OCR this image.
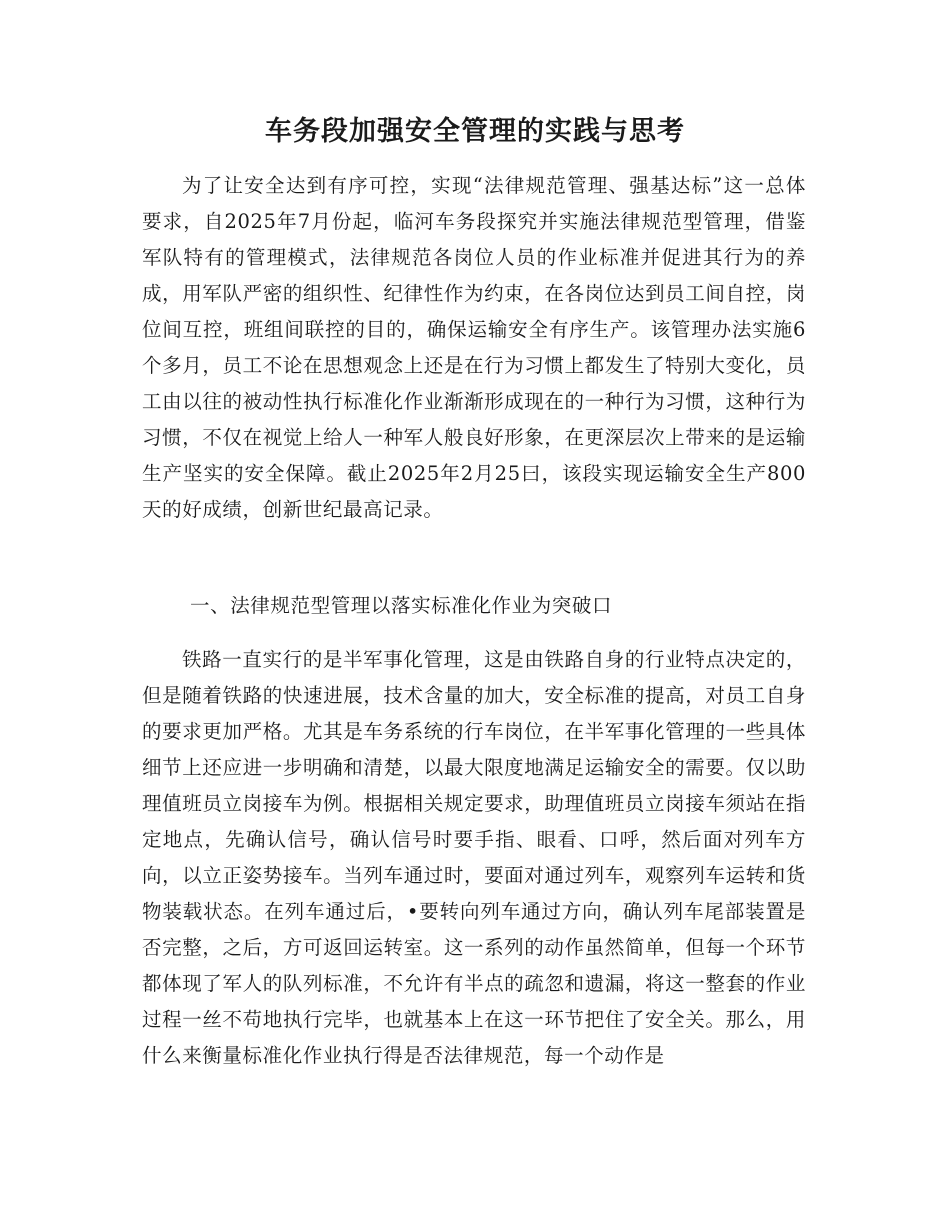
车务段加强安全管理的实践与思考

为了让安全达到有序可控，实现“法律规范管理、强基达标”这一总体要求，自2025年7月份起，临河车务段探究并实施法律规范型管理，借鉴军队特有的管理模式，法律规范各岗位人员的作业标准并促进其行为的养成，用军队严密的组织性、纪律性作为约束，在各岗位达到员工间自控，岗位间互控，班组间联控的目的，确保运输安全有序生产。该管理办法实施6个多月，员工不论在思想观念上还是在行为习惯上都发生了特别大变化，员工由以往的被动性执行标准化作业渐渐形成现在的一种行为习惯，这种行为习惯，不仅在视觉上给人一种军人般良好形象，在更深层次上带来的是运输生产坚实的安全保障。截止2025年2月25曰，该段实现运输安全生产800天的好成绩，创新世纪最高记录。

一、法律规范型管理以落实标准化作业为突破口

铁路一直实行的是半军事化管理，这是由铁路自身的行业特点决定的，但是随着铁路的快速进展，技术含量的加大，安全标准的提高，对员工自身的要求更加严格。尤其是车务系统的行车岗位，在半军事化管理的一些具体细节上还应进一步明确和清楚，以最大限度地满足运输安全的需要。仅以助理值班员立岗接车为例。根据相关规定要求，助理值班员立岗接车须站在指定地点，先确认信号，确认信号时要手指、眼看、口呼，然后面对列车方向，以立正姿势接车。当列车通过时，要面对通过列车，观察列车运转和货物装载状态。在列车通过后，•要转向列车通过方向，确认列车尾部装置是否完整，之后，方可返回运转室。这一系列的动作虽然简单，但每一个环节都体现了军人的队列标准，不允许有半点的疏忽和遗漏，将这一整套的作业过程一丝不苟地执行完毕，也就基本上在这一环节把住了安全关。那么，用什么来衡量标准化作业执行得是否法律规范，每一个动作是
